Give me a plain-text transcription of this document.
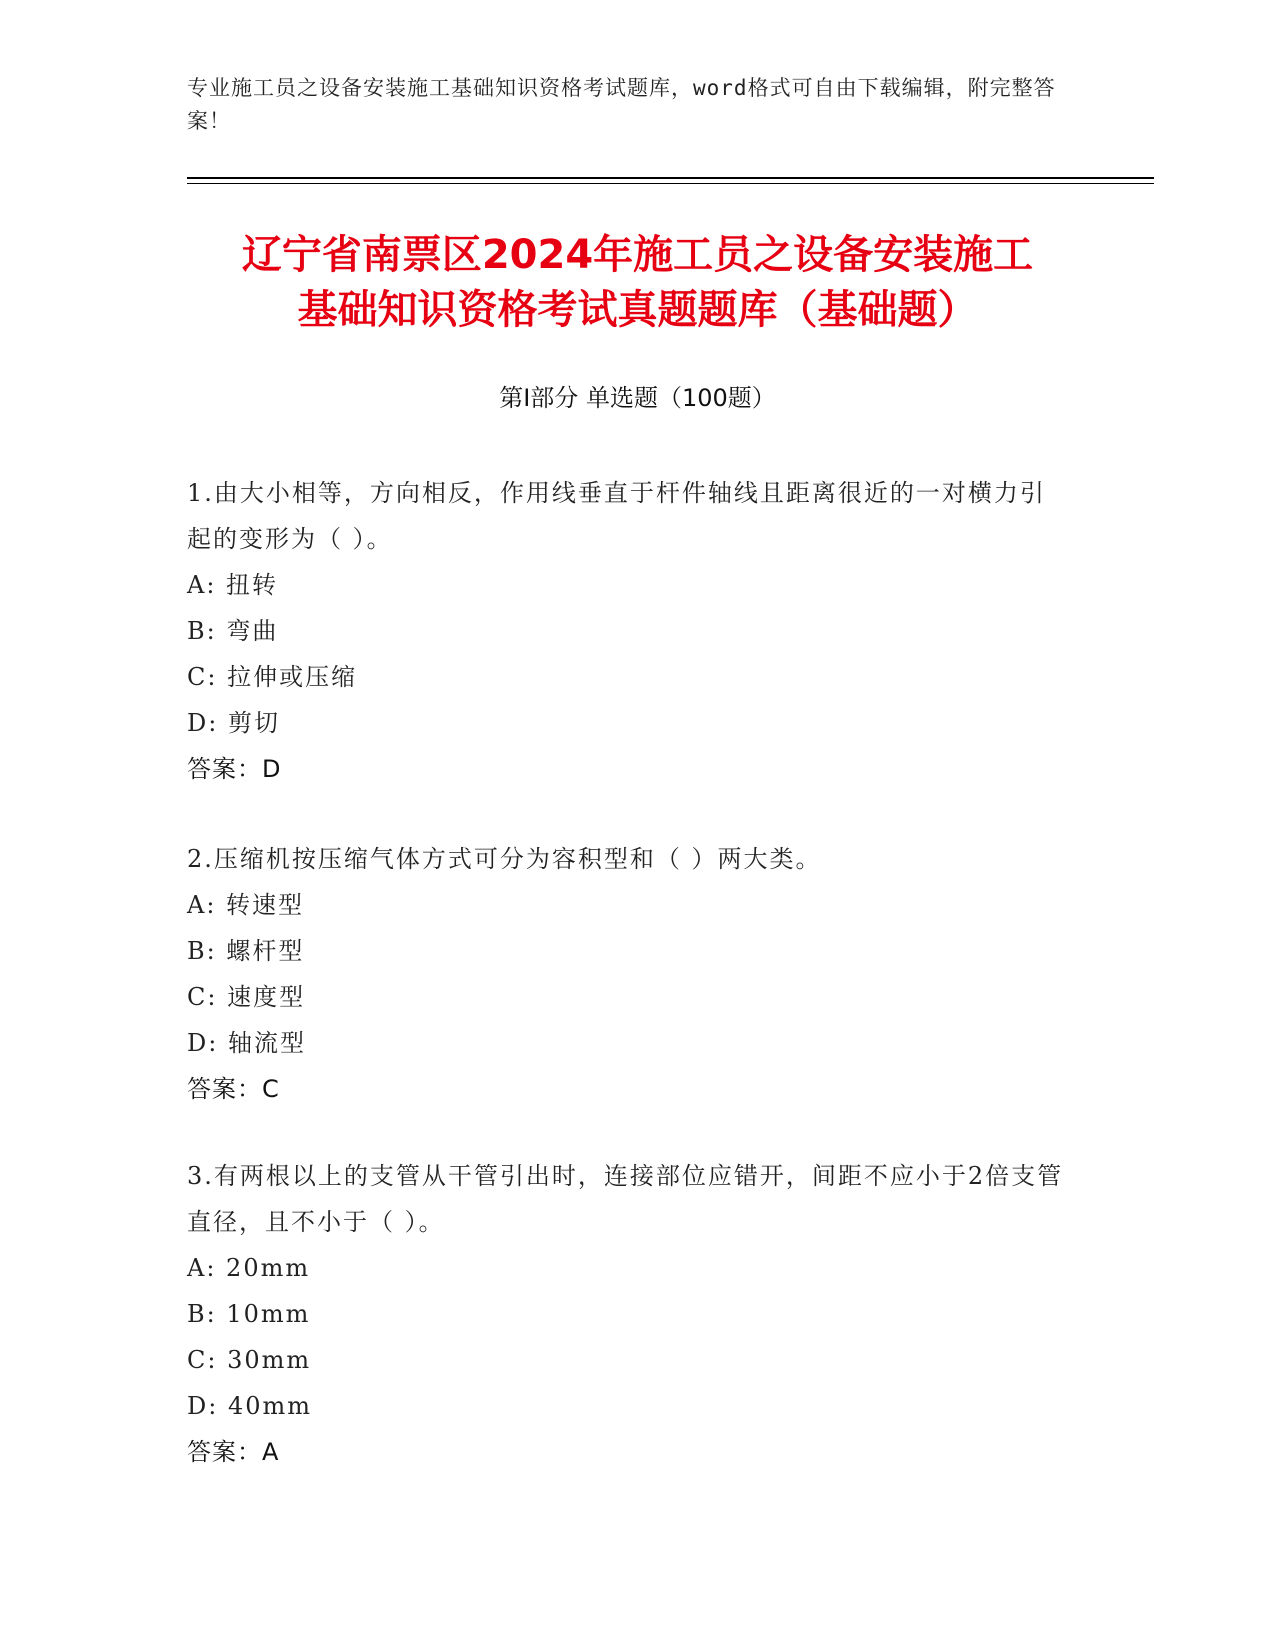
专业施工员之设备安装施工基础知识资格考试题库，word格式可自由下载编辑，附完整答案！
辽宁省南票区2024年施工员之设备安装施工
基础知识资格考试真题题库（基础题）
第I部分 单选题（100题）
1.由大小相等，方向相反，作用线垂直于杆件轴线且距离很近的一对横力引起的变形为（ ）。
A: 扭转
B: 弯曲
C: 拉伸或压缩
D: 剪切
答案：D
2.压缩机按压缩气体方式可分为容积型和（ ）两大类。
A: 转速型
B: 螺杆型
C: 速度型
D: 轴流型
答案：C
3.有两根以上的支管从干管引出时，连接部位应错开，间距不应小于2倍支管直径，且不小于（ ）。
A: 20mm
B: 10mm
C: 30mm
D: 40mm
答案：A
